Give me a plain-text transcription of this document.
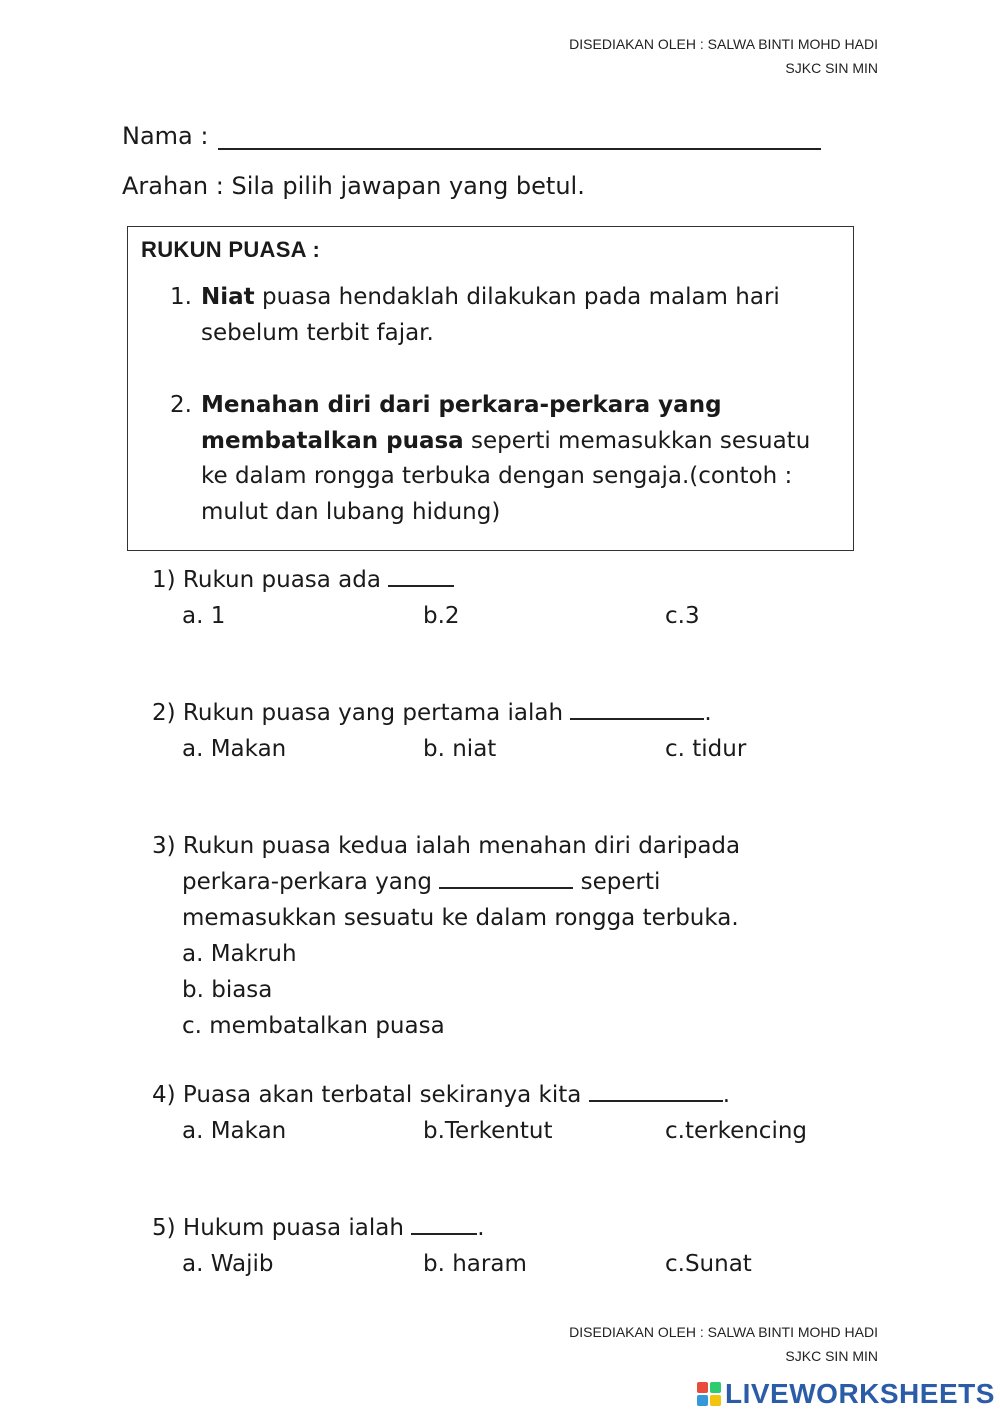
DISEDIAKAN OLEH : SALWA BINTI MOHD HADI
SJKC SIN MIN
Nama :
Arahan : Sila pilih jawapan yang betul.
RUKUN PUASA :
1. Niat puasa hendaklah dilakukan pada malam hari sebelum terbit fajar.
2. Menahan diri dari perkara-perkara yang membatalkan puasa seperti memasukkan sesuatu ke dalam rongga terbuka dengan sengaja.(contoh : mulut dan lubang hidung)
1) Rukun puasa ada
a. 1	b.2	c.3
2) Rukun puasa yang pertama ialah	.
a. Makan	b. niat	c. tidur
3) Rukun puasa kedua ialah menahan diri daripada
perkara-perkara yang	seperti
memasukkan sesuatu ke dalam rongga terbuka.
a. Makruh
b. biasa
c. membatalkan puasa
4) Puasa akan terbatal sekiranya kita	.
a. Makan	b.Terkentut	c.terkencing
5) Hukum puasa ialah	.
a. Wajib	b. haram	c.Sunat
DISEDIAKAN OLEH : SALWA BINTI MOHD HADI
SJKC SIN MIN
LIVEWORKSHEETS
